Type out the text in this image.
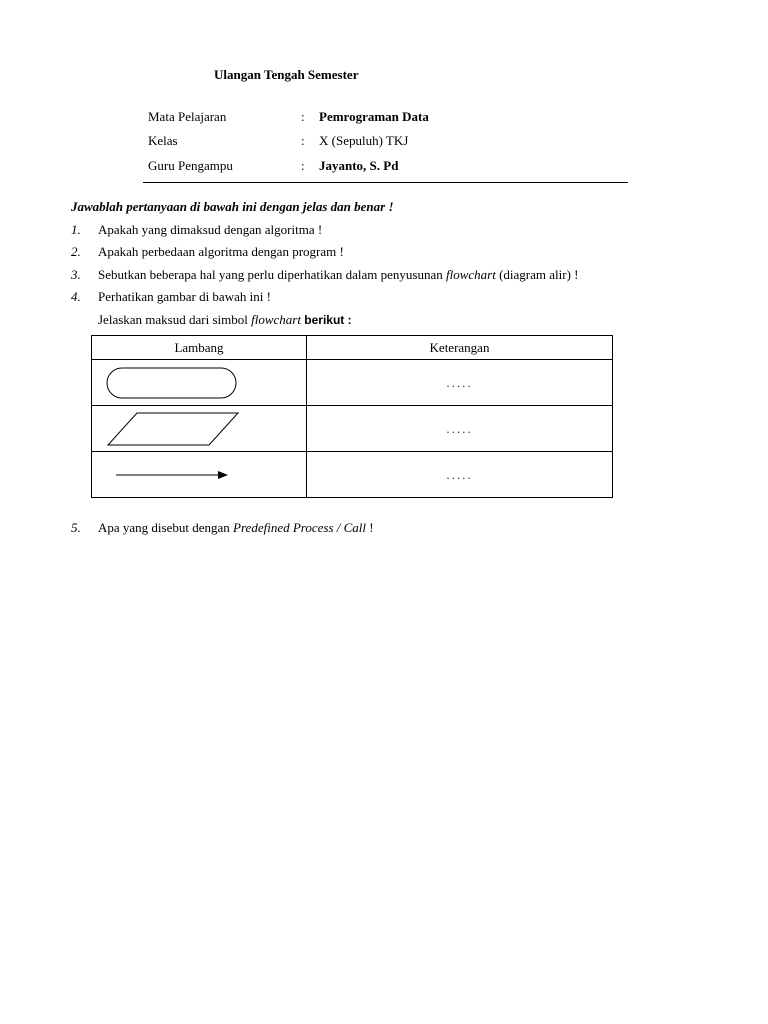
Ulangan Tengah Semester
Mata Pelajaran	: Pemrograman Data
Kelas	: X (Sepuluh) TKJ
Guru Pengampu	: Jayanto, S. Pd
Jawablah pertanyaan di bawah ini dengan jelas dan benar !
1. Apakah yang dimaksud dengan algoritma !
2. Apakah perbedaan algoritma dengan program !
3. Sebutkan beberapa hal yang perlu diperhatikan dalam penyusunan flowchart (diagram alir) !
4. Perhatikan gambar di bawah ini !
Jelaskan maksud dari simbol flowchart berikut :
Lambang	Keterangan

	.....

	.....

	.....
5. Apa yang disebut dengan Predefined Process / Call !
